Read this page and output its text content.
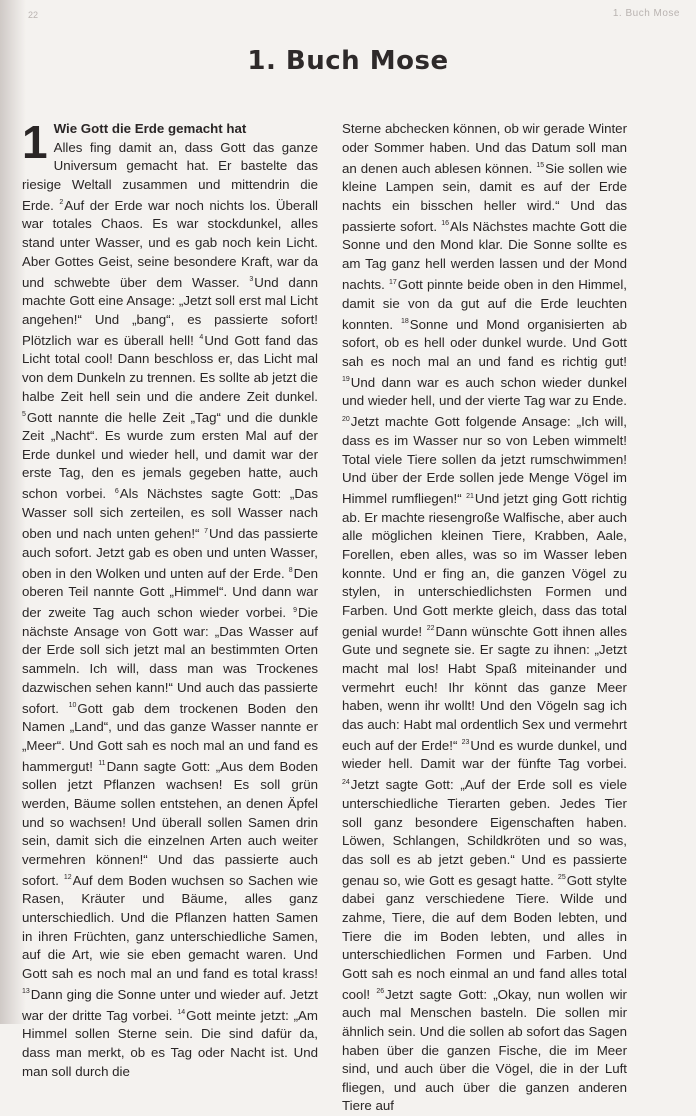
22	1. Buch Mose
1. Buch Mose
1 Wie Gott die Erde gemacht hat
Alles fing damit an, dass Gott das ganze Universum gemacht hat. Er bastelte das riesige Weltall zusammen und mittendrin die Erde. $^2$Auf der Erde war noch nichts los. Überall war totales Chaos. Es war stockdunkel, alles stand unter Wasser, und es gab noch kein Licht. Aber Gottes Geist, seine besondere Kraft, war da und schwebte über dem Wasser. $^3$Und dann machte Gott eine Ansage: „Jetzt soll erst mal Licht angehen!“ Und „bang“, es passierte sofort! Plötzlich war es überall hell! $^4$Und Gott fand das Licht total cool! Dann beschloss er, das Licht mal von dem Dunkeln zu trennen. Es sollte ab jetzt die halbe Zeit hell sein und die andere Zeit dunkel. $^5$Gott nannte die helle Zeit „Tag“ und die dunkle Zeit „Nacht“. Es wurde zum ersten Mal auf der Erde dunkel und wieder hell, und damit war der erste Tag, den es jemals gegeben hatte, auch schon vorbei. $^6$Als Nächstes sagte Gott: „Das Wasser soll sich zerteilen, es soll Wasser nach oben und nach unten gehen!“ $^7$Und das passierte auch sofort. Jetzt gab es oben und unten Wasser, oben in den Wolken und unten auf der Erde. $^8$Den oberen Teil nannte Gott „Himmel“. Und dann war der zweite Tag auch schon wieder vorbei. $^9$Die nächste Ansage von Gott war: „Das Wasser auf der Erde soll sich jetzt mal an bestimmten Orten sammeln. Ich will, dass man was Trockenes dazwischen sehen kann!“ Und auch das passierte sofort. $^{10}$Gott gab dem trockenen Boden den Namen „Land“, und das ganze Wasser nannte er „Meer“. Und Gott sah es noch mal an und fand es hammergut! $^{11}$Dann sagte Gott: „Aus dem Boden sollen jetzt Pflanzen wachsen! Es soll grün werden, Bäume sollen entstehen, an denen Äpfel und so wachsen! Und überall sollen Samen drin sein, damit sich die einzelnen Arten auch weiter vermehren können!“ Und das passierte auch sofort. $^{12}$Auf dem Boden wuchsen so Sachen wie Rasen, Kräuter und Bäume, alles ganz unterschiedlich. Und die Pflanzen hatten Samen in ihren Früchten, ganz unterschiedliche Samen, auf die Art, wie sie eben gemacht waren. Und Gott sah es noch mal an und fand es total krass! $^{13}$Dann ging die Sonne unter und wieder auf. Jetzt war der dritte Tag vorbei. $^{14}$Gott meinte jetzt: „Am Himmel sollen Sterne sein. Die sind dafür da, dass man merkt, ob es Tag oder Nacht ist. Und man soll durch die
Sterne abchecken können, ob wir gerade Winter oder Sommer haben. Und das Datum soll man an denen auch ablesen können. $^{15}$Sie sollen wie kleine Lampen sein, damit es auf der Erde nachts ein bisschen heller wird.“ Und das passierte sofort. $^{16}$Als Nächstes machte Gott die Sonne und den Mond klar. Die Sonne sollte es am Tag ganz hell werden lassen und der Mond nachts. $^{17}$Gott pinnte beide oben in den Himmel, damit sie von da gut auf die Erde leuchten konnten. $^{18}$Sonne und Mond organisierten ab sofort, ob es hell oder dunkel wurde. Und Gott sah es noch mal an und fand es richtig gut! $^{19}$Und dann war es auch schon wieder dunkel und wieder hell, und der vierte Tag war zu Ende. $^{20}$Jetzt machte Gott folgende Ansage: „Ich will, dass es im Wasser nur so von Leben wimmelt! Total viele Tiere sollen da jetzt rumschwimmen! Und über der Erde sollen jede Menge Vögel im Himmel rumfliegen!“ $^{21}$Und jetzt ging Gott richtig ab. Er machte riesengroße Walfische, aber auch alle möglichen kleinen Tiere, Krabben, Aale, Forellen, eben alles, was so im Wasser leben konnte. Und er fing an, die ganzen Vögel zu stylen, in unterschiedlichsten Formen und Farben. Und Gott merkte gleich, dass das total genial wurde! $^{22}$Dann wünschte Gott ihnen alles Gute und segnete sie. Er sagte zu ihnen: „Jetzt macht mal los! Habt Spaß miteinander und vermehrt euch! Ihr könnt das ganze Meer haben, wenn ihr wollt! Und den Vögeln sag ich das auch: Habt mal ordentlich Sex und vermehrt euch auf der Erde!“ $^{23}$Und es wurde dunkel, und wieder hell. Damit war der fünfte Tag vorbei. $^{24}$Jetzt sagte Gott: „Auf der Erde soll es viele unterschiedliche Tierarten geben. Jedes Tier soll ganz besondere Eigenschaften haben. Löwen, Schlangen, Schildkröten und so was, das soll es ab jetzt geben.“ Und es passierte genau so, wie Gott es gesagt hatte. $^{25}$Gott stylte dabei ganz verschiedene Tiere. Wilde und zahme, Tiere, die auf dem Boden lebten, und Tiere die im Boden lebten, und alles in unterschiedlichen Formen und Farben. Und Gott sah es noch einmal an und fand alles total cool! $^{26}$Jetzt sagte Gott: „Okay, nun wollen wir auch mal Menschen basteln. Die sollen mir ähnlich sein. Und die sollen ab sofort das Sagen haben über die ganzen Fische, die im Meer sind, und auch über die Vögel, die in der Luft fliegen, und auch über die ganzen anderen Tiere auf
